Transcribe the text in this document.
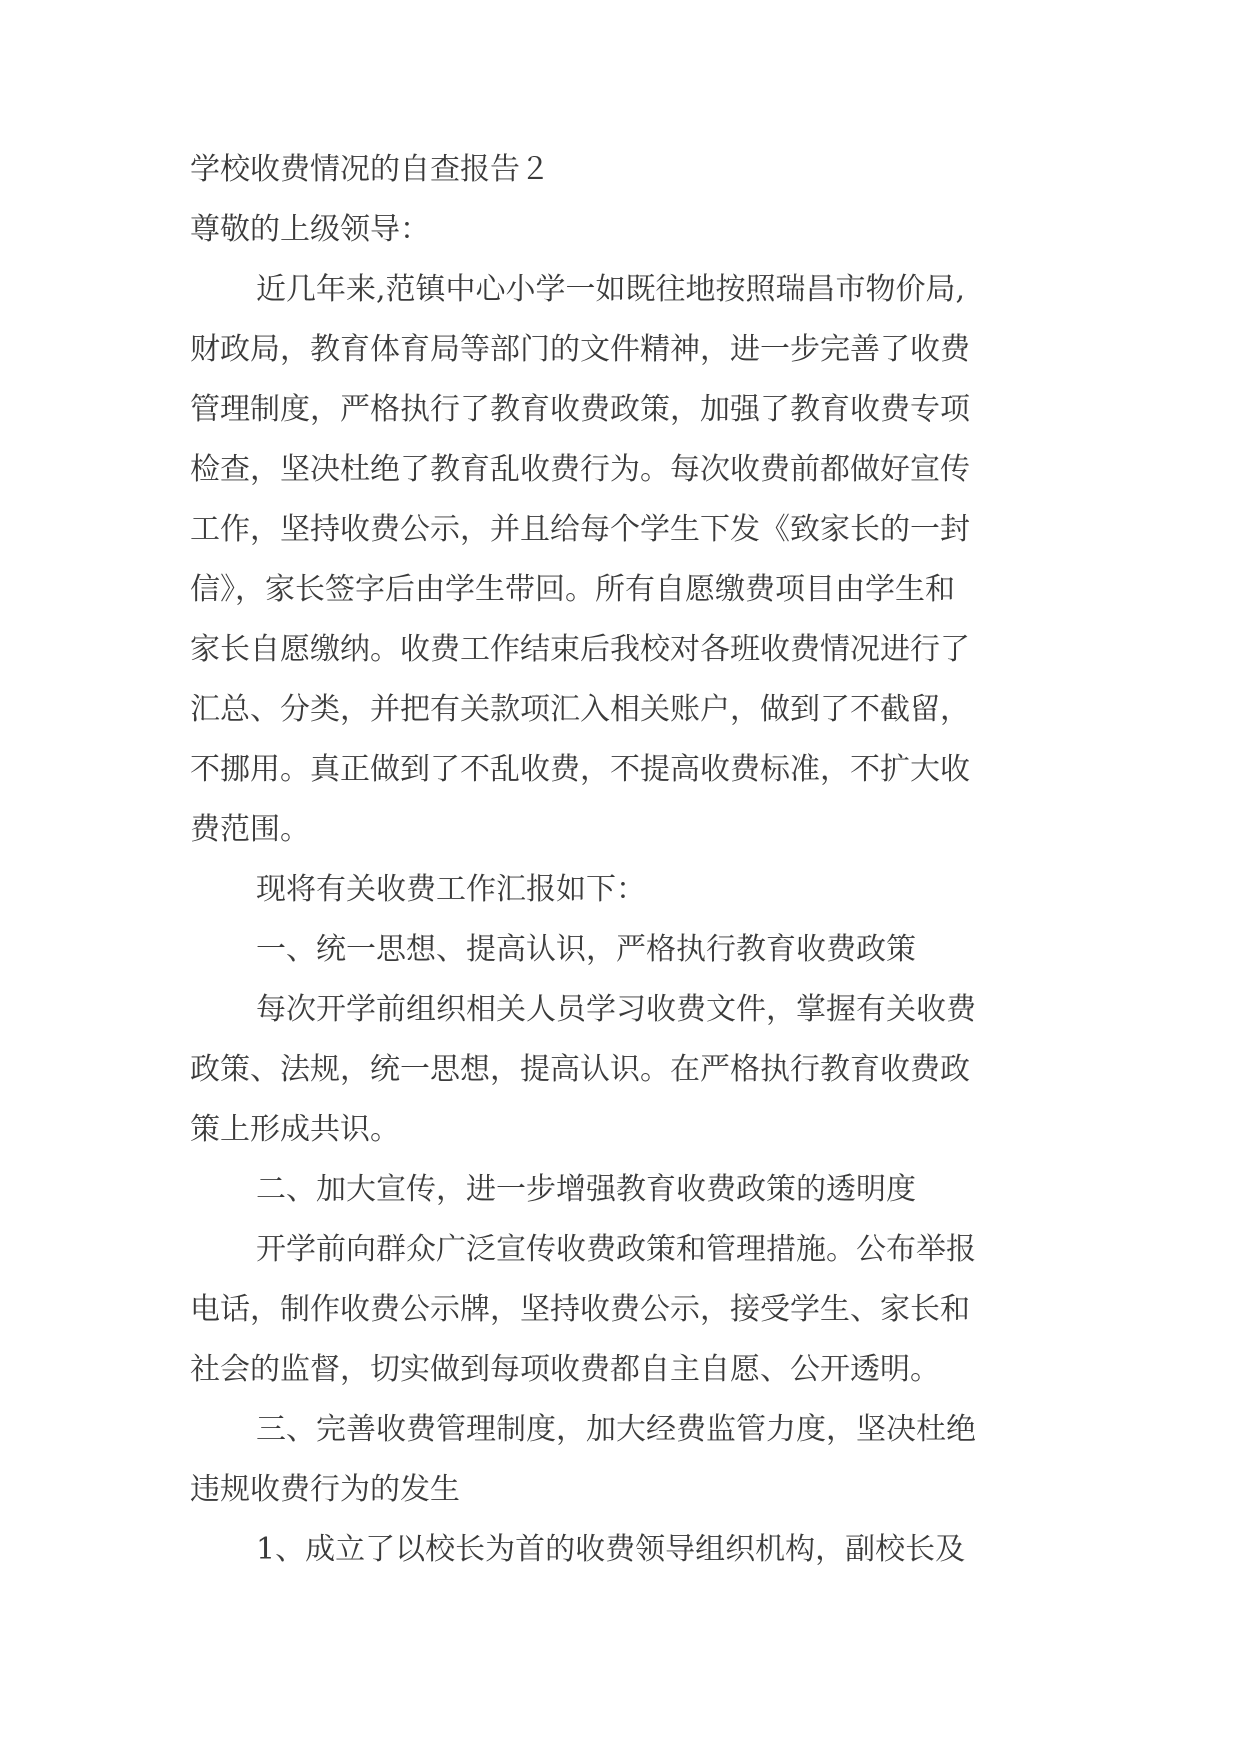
学校收费情况的自查报告２
尊敬的上级领导：
近几年来,范镇中心小学一如既往地按照瑞昌市物价局,
财政局，教育体育局等部门的文件精神，进一步完善了收费
管理制度，严格执行了教育收费政策，加强了教育收费专项
检查，坚决杜绝了教育乱收费行为。每次收费前都做好宣传
工作，坚持收费公示，并且给每个学生下发《致家长的一封
信》，家长签字后由学生带回。所有自愿缴费项目由学生和
家长自愿缴纳。收费工作结束后我校对各班收费情况进行了
汇总、分类，并把有关款项汇入相关账户，做到了不截留，
不挪用。真正做到了不乱收费，不提高收费标准，不扩大收
费范围。
现将有关收费工作汇报如下：
一、统一思想、提高认识，严格执行教育收费政策
每次开学前组织相关人员学习收费文件，掌握有关收费
政策、法规，统一思想，提高认识。在严格执行教育收费政
策上形成共识。
二、加大宣传，进一步增强教育收费政策的透明度
开学前向群众广泛宣传收费政策和管理措施。公布举报
电话，制作收费公示牌，坚持收费公示，接受学生、家长和
社会的监督，切实做到每项收费都自主自愿、公开透明。
三、完善收费管理制度，加大经费监管力度，坚决杜绝
违规收费行为的发生
1、成立了以校长为首的收费领导组织机构，副校长及
